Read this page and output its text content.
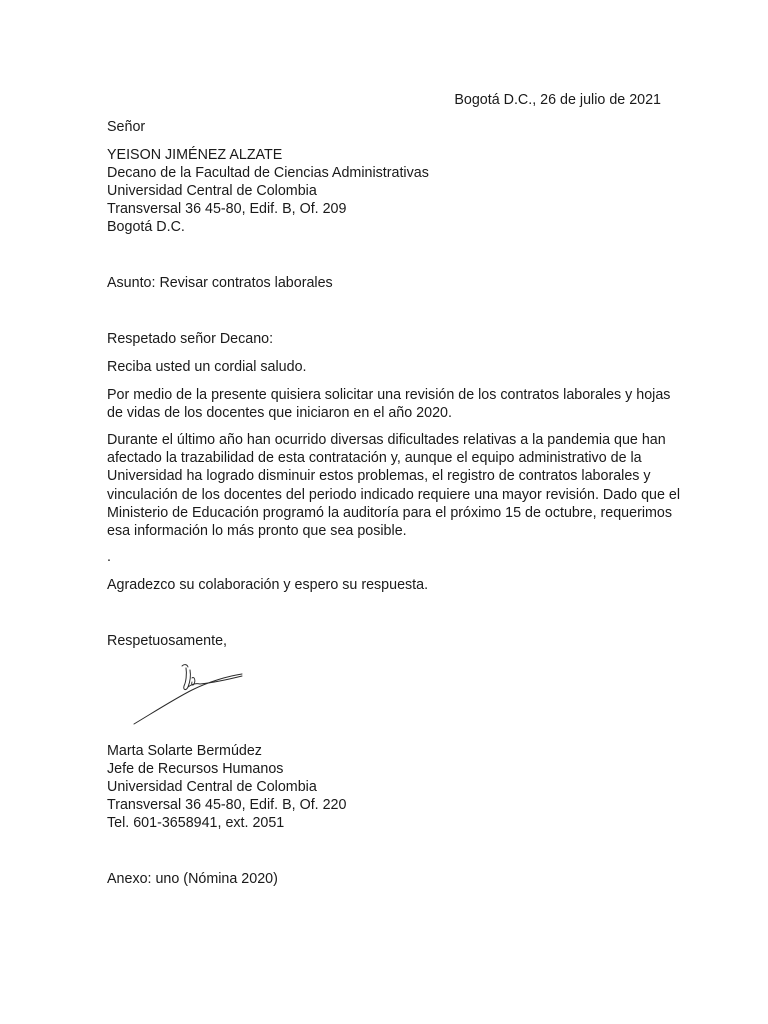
Bogotá D.C., 26 de julio de 2021
Señor
YEISON JIMÉNEZ ALZATE
Decano de la Facultad de Ciencias Administrativas
Universidad Central de Colombia
Transversal 36 45-80, Edif. B, Of. 209
Bogotá D.C.
Asunto: Revisar contratos laborales
Respetado señor Decano:
Reciba usted un cordial saludo.
Por medio de la presente quisiera solicitar una revisión de los contratos laborales y hojas
de vidas de los docentes que iniciaron en el año 2020.
Durante el último año han ocurrido diversas dificultades relativas a la pandemia que han
afectado la trazabilidad de esta contratación y, aunque el equipo administrativo de la
Universidad ha logrado disminuir estos problemas, el registro de contratos laborales y
vinculación de los docentes del periodo indicado requiere una mayor revisión. Dado que el
Ministerio de Educación programó la auditoría para el próximo 15 de octubre, requerimos
esa información lo más pronto que sea posible.
.
Agradezco su colaboración y espero su respuesta.
Respetuosamente,
Marta Solarte Bermúdez
Jefe de Recursos Humanos
Universidad Central de Colombia
Transversal 36 45-80, Edif. B, Of. 220
Tel. 601-3658941, ext. 2051
Anexo: uno (Nómina 2020)
